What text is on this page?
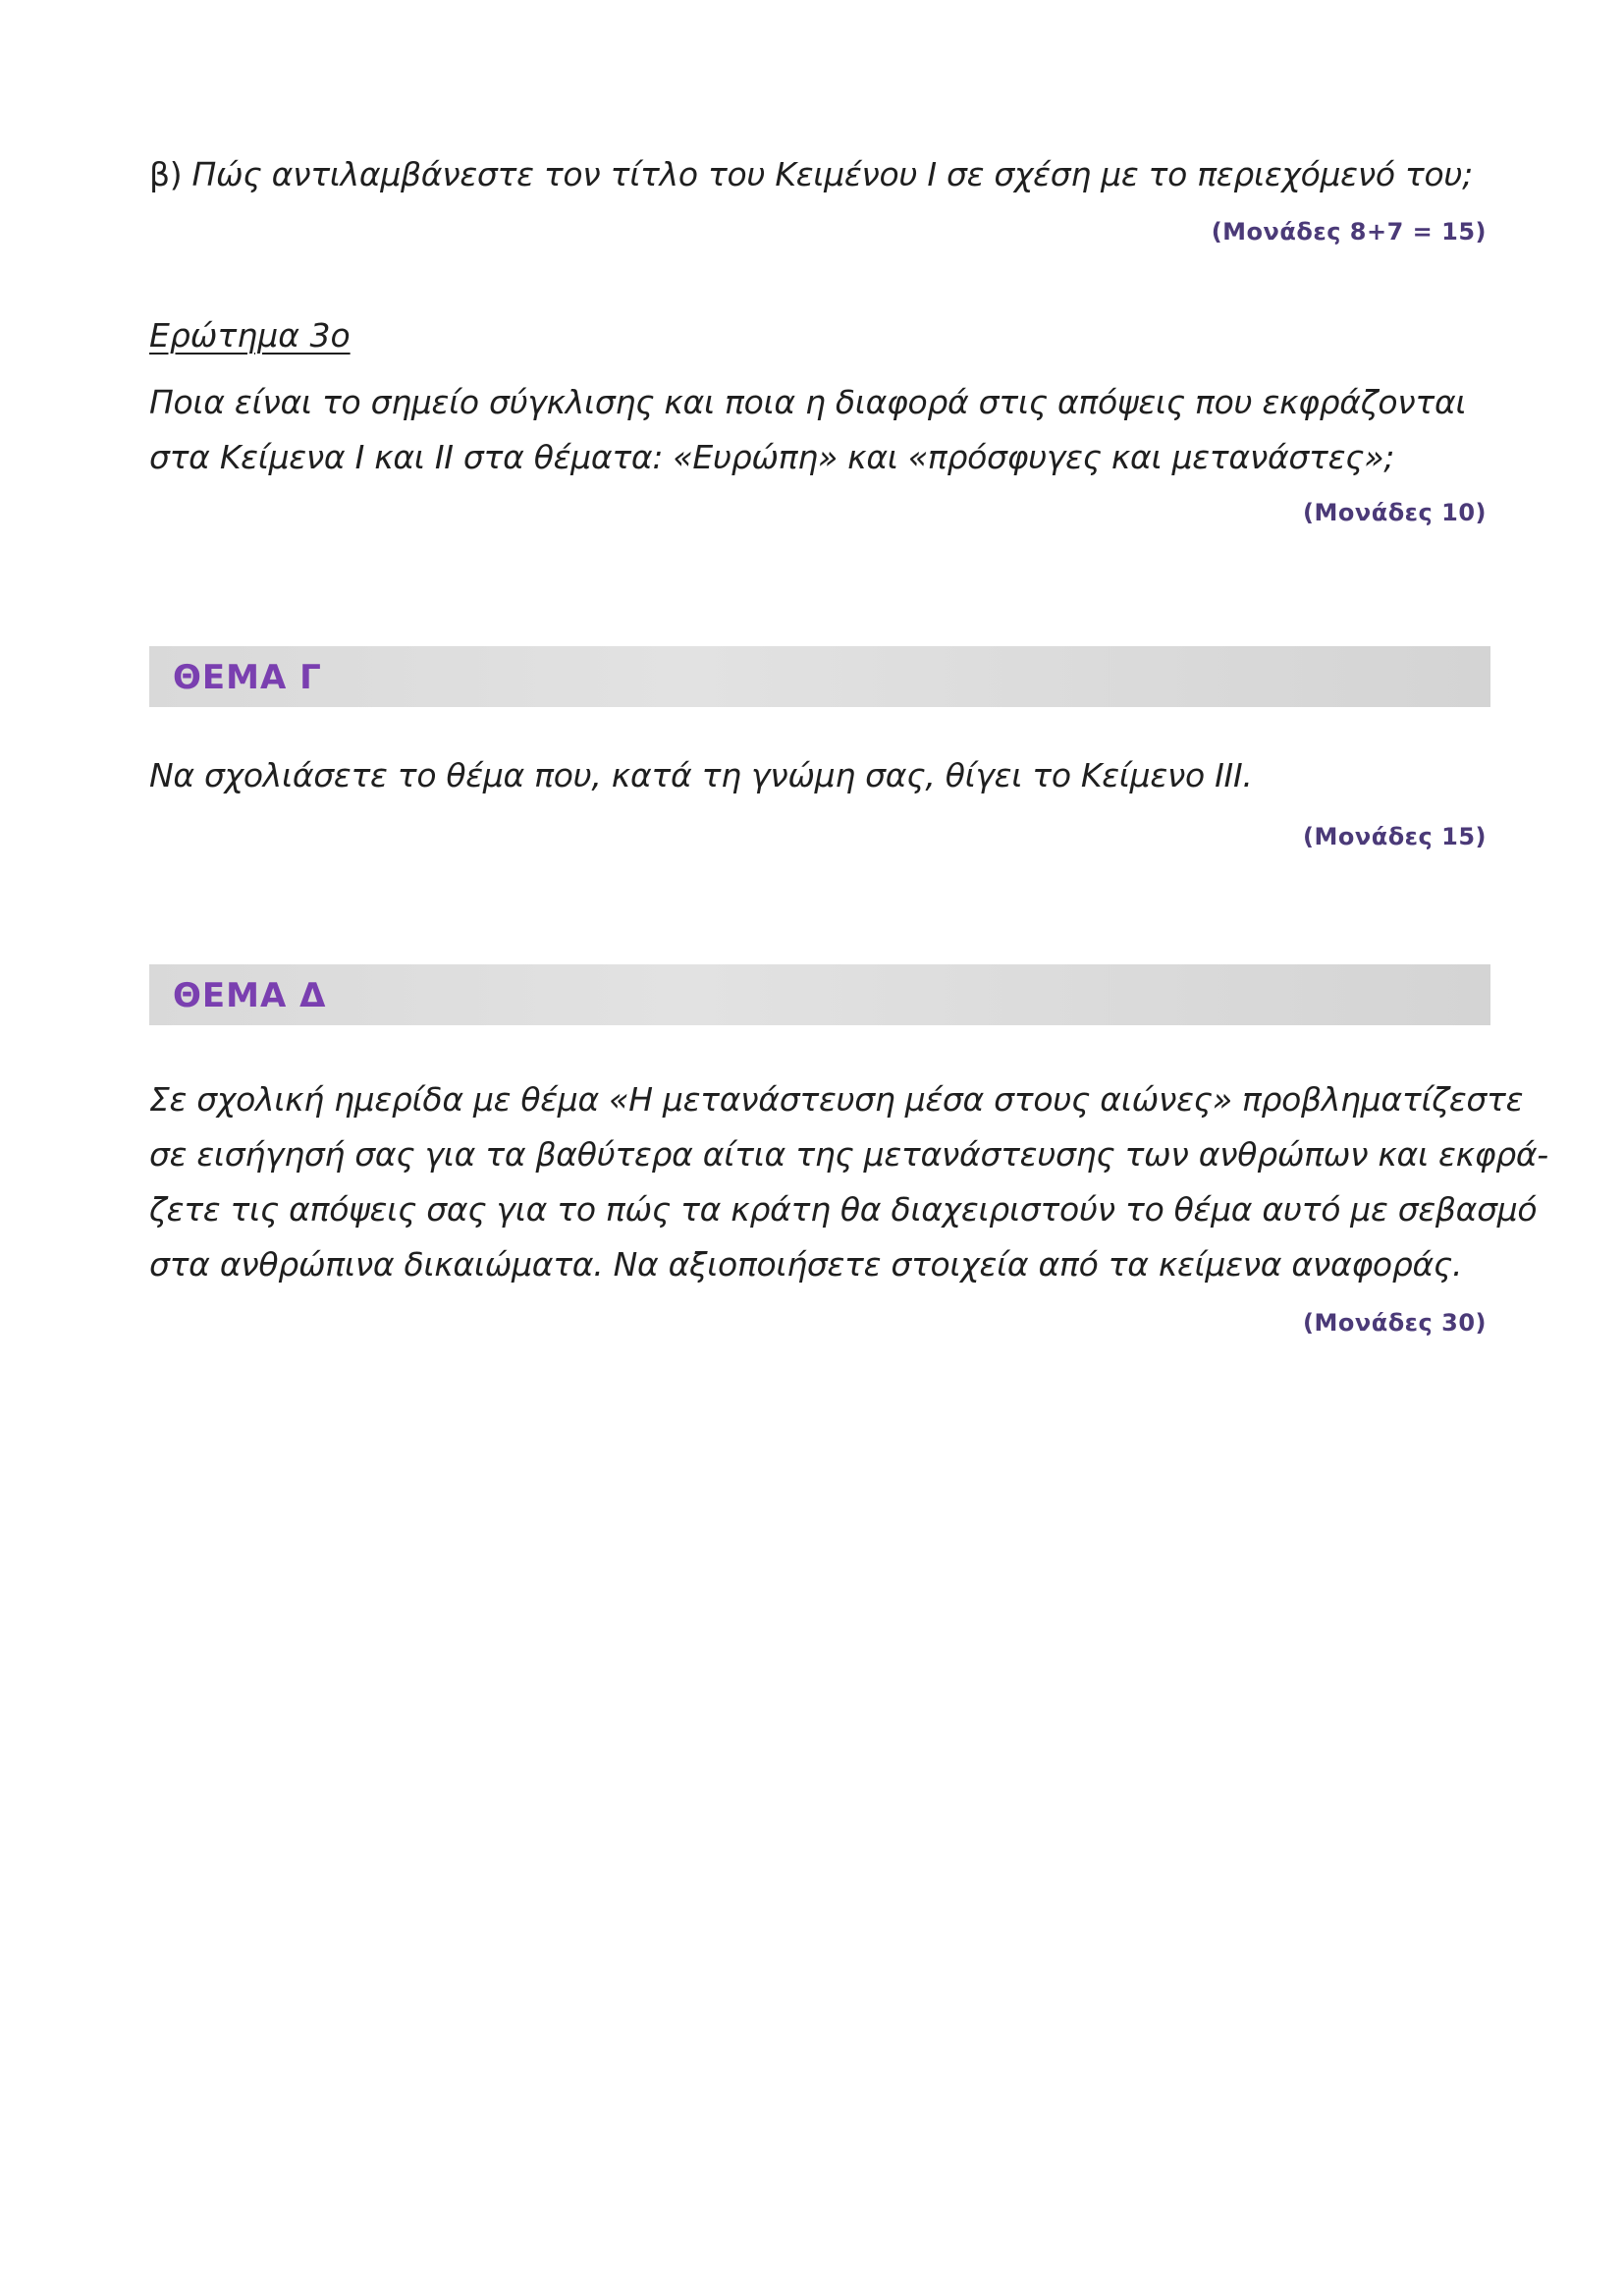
β) Πώς αντιλαμβάνεστε τον τίτλο του Κειμένου Ι σε σχέση με το περιεχόμενό του;

(Μονάδες 8+7 = 15)
Ερώτημα 3ο

Ποια είναι το σημείο σύγκλισης και ποια η διαφορά στις απόψεις που εκφράζονται
στα Κείμενα Ι και ΙΙ στα θέματα: «Ευρώπη» και «πρόσφυγες και μετανάστες»;

(Μονάδες 10)
ΘΕΜΑ Γ

Να σχολιάσετε το θέμα που, κατά τη γνώμη σας, θίγει το Κείμενο ΙΙΙ.

(Μονάδες 15)
ΘΕΜΑ Δ

Σε σχολική ημερίδα με θέμα «Η μετανάστευση μέσα στους αιώνες» προβληματίζεστε
σε εισήγησή σας για τα βαθύτερα αίτια της μετανάστευσης των ανθρώπων και εκφρά-
ζετε τις απόψεις σας για το πώς τα κράτη θα διαχειριστούν το θέμα αυτό με σεβασμό
στα ανθρώπινα δικαιώματα. Να αξιοποιήσετε στοιχεία από τα κείμενα αναφοράς.

(Μονάδες 30)
